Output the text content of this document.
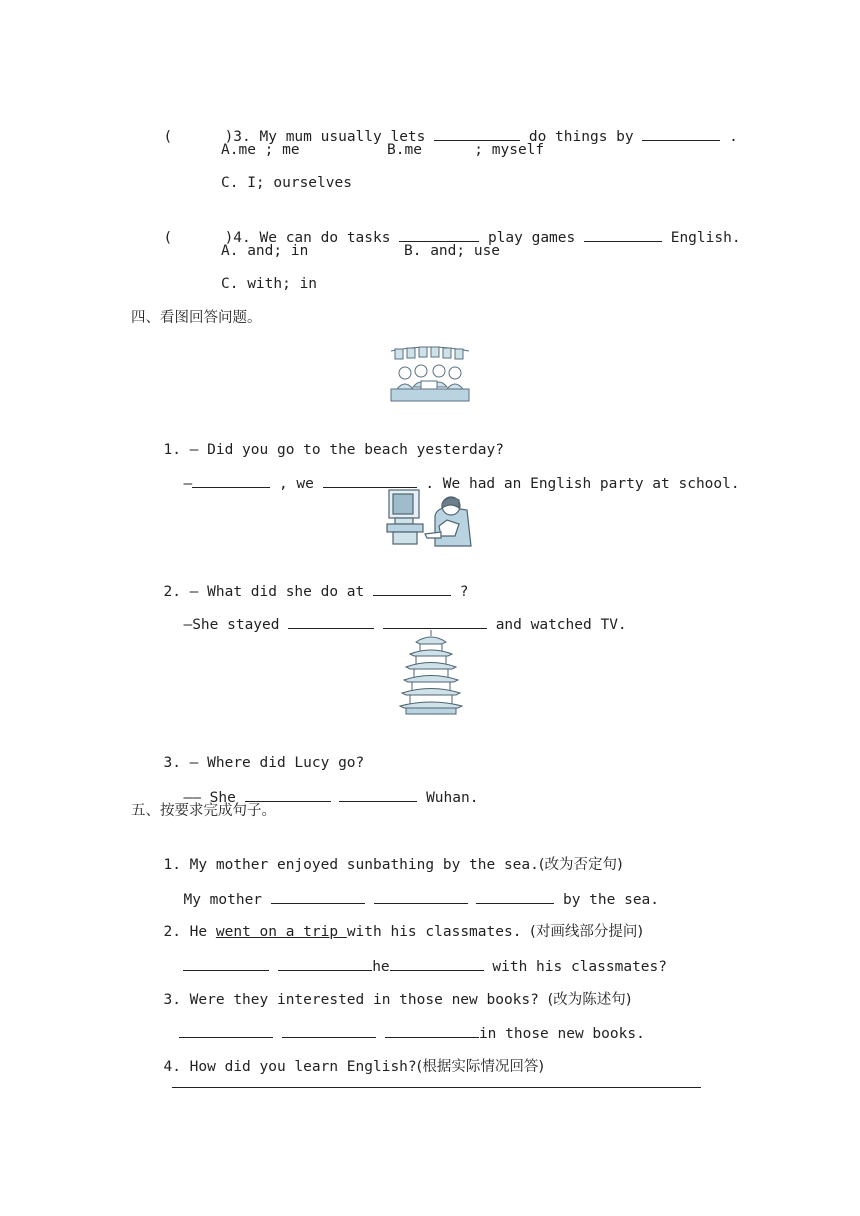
(      )3. My mum usually lets	do things by	.

A.me ; me	B.me      ; myself
C. I; ourselves

(      )4. We can do tasks	play games	English.

A. and; in	B. and; use
C. with; in
四、看图回答问题。

1. — Did you go to the beach yesterday?

—	, we	. We had an English party at school.

2. — What did she do at	?

—She stayed	and watched TV.

3. — Where did Lucy go?

—— She	Wuhan.

五、按要求完成句子。

1. My mother enjoyed sunbathing by the sea.(改为否定句)

My mother	by the sea.

2. He went on a trip with his classmates. (对画线部分提问)

he	with his classmates?

3. Were they interested in those new books? (改为陈述句)

in those new books.

4. How did you learn English?(根据实际情况回答)
